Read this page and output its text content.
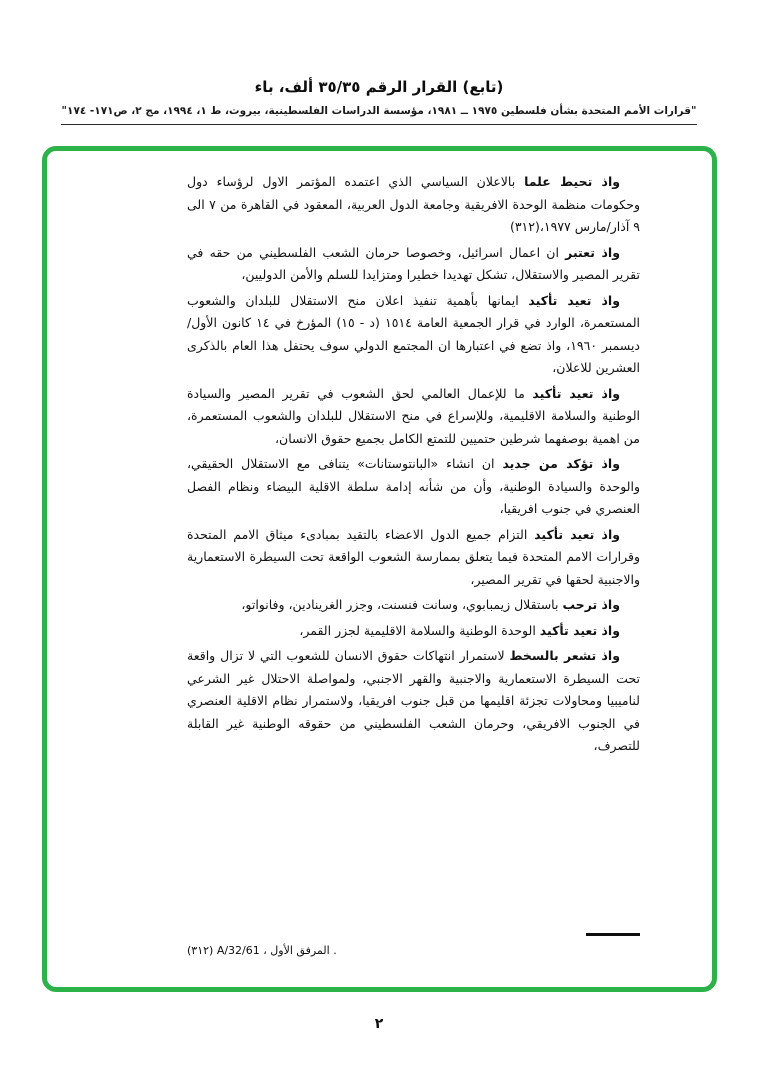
(تابع) القرار الرقم ٣٥/٣٥ ألف، باء
"قرارات الأمم المتحدة بشأن فلسطين ١٩٧٥ ــ ١٩٨١، مؤسسة الدراسات الفلسطينية، بيروت، ط ١، ١٩٩٤، مج ٢، ص١٧١- ١٧٤"

واذ تحيط علما بالاعلان السياسي الذي اعتمده المؤتمر الاول لرؤساء دول وحكومات منظمة الوحدة الافريقية وجامعة الدول العربية، المعقود في القاهرة من ٧ الى ٩ آذار/مارس ١٩٧٧،(٣١٢)

واذ تعتبر ان اعمال اسرائيل، وخصوصا حرمان الشعب الفلسطيني من حقه في تقرير المصير والاستقلال، تشكل تهديدا خطيرا ومتزايدا للسلم والأمن الدوليين،

واذ تعيد تأكيد ايمانها بأهمية تنفيذ اعلان منح الاستقلال للبلدان والشعوب المستعمرة، الوارد في قرار الجمعية العامة ١٥١٤ (د - ١٥) المؤرخ في ١٤ كانون الأول/ديسمبر ١٩٦٠، واذ تضع في اعتبارها ان المجتمع الدولي سوف يحتفل هذا العام بالذكرى العشرين للاعلان،

واذ تعيد تأكيد ما للإعمال العالمي لحق الشعوب في تقرير المصير والسيادة الوطنية والسلامة الاقليمية، وللإسراع في منح الاستقلال للبلدان والشعوب المستعمرة، من اهمية بوصفهما شرطين حتميين للتمتع الكامل بجميع حقوق الانسان،

واذ تؤكد من جديد ان انشاء «البانتوستانات» يتنافى مع الاستقلال الحقيقي، والوحدة والسيادة الوطنية، وأن من شأنه إدامة سلطة الاقلية البيضاء ونظام الفصل العنصري في جنوب افريقيا،

واذ تعيد تأكيد التزام جميع الدول الاعضاء بالتقيد بمبادىء ميثاق الامم المتحدة وقرارات الامم المتحدة فيما يتعلق بممارسة الشعوب الواقعة تحت السيطرة الاستعمارية والاجنبية لحقها في تقرير المصير،

واذ ترحب باستقلال زيمبابوي، وسانت فنسنت، وجزر الغرينادين، وفانواتو،

واذ تعيد تأكيد الوحدة الوطنية والسلامة الاقليمية لجزر القمر،

واذ تشعر بالسخط لاستمرار انتهاكات حقوق الانسان للشعوب التي لا تزال واقعة تحت السيطرة الاستعمارية والاجنبية والقهر الاجنبي، ولمواصلة الاحتلال غير الشرعي لناميبيا ومحاولات تجزئة اقليمها من قبل جنوب افريقيا، ولاستمرار نظام الاقلية العنصري في الجنوب الافريقي، وحرمان الشعب الفلسطيني من حقوقه الوطنية غير القابلة للتصرف،

(٣١٢) A/32/61 ، المرفق الأول .
٢
